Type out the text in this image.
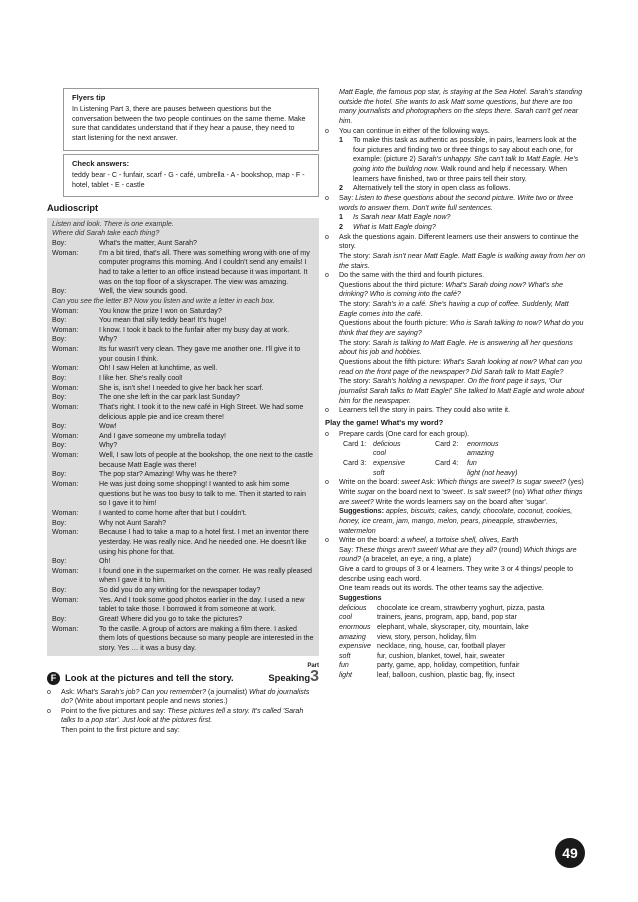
Flyers tip
In Listening Part 3, there are pauses between questions but the conversation between the two people continues on the same theme. Make sure that candidates understand that if they hear a pause, they need to start listening for the next answer.
Check answers:
teddy bear - C - funfair, scarf - G - café, umbrella - A - bookshop, map - F - hotel, tablet - E - castle
Audioscript
Listen and look. There is one example.
Where did Sarah take each thing?
Boy:	What's the matter, Aunt Sarah?
Woman:	I'm a bit tired, that's all. There was something wrong with one of my computer programs this morning. And I couldn't send any emails! I had to take a letter to an office instead because it was important. It was on the top floor of a skyscraper. The view was amazing.
Boy:	Well, the view sounds good.
Can you see the letter B? Now you listen and write a letter in each box.
Woman:	You know the prize I won on Saturday?
Boy:	You mean that silly teddy bear! It's huge!
Woman:	I know. I took it back to the funfair after my busy day at work.
Boy:	Why?
Woman:	Its fur wasn't very clean. They gave me another one. I'll give it to your cousin I think.
Woman:	Oh! I saw Helen at lunchtime, as well.
Boy:	I like her. She's really cool!
Woman:	She is, isn't she! I needed to give her back her scarf.
Boy:	The one she left in the car park last Sunday?
Woman:	That's right. I took it to the new café in High Street. We had some delicious apple pie and ice cream there!
Boy:	Wow!
Woman:	And I gave someone my umbrella today!
Boy:	Why?
Woman:	Well, I saw lots of people at the bookshop, the one next to the castle because Matt Eagle was there!
Boy:	The pop star? Amazing! Why was he there?
Woman:	He was just doing some shopping! I wanted to ask him some questions but he was too busy to talk to me. Then it started to rain so I gave it to him!
Woman:	I wanted to come home after that but I couldn't.
Boy:	Why not Aunt Sarah?
Woman:	Because I had to take a map to a hotel first. I met an inventor there yesterday. He was really nice. And he needed one. He doesn't like using his phone for that.
Boy:	Oh!
Woman:	I found one in the supermarket on the corner. He was really pleased when I gave it to him.
Boy:	So did you do any writing for the newspaper today?
Woman:	Yes. And I took some good photos earlier in the day. I used a new tablet to take those. I borrowed it from someone at work.
Boy:	Great! Where did you go to take the pictures?
Woman:	To the castle. A group of actors are making a film there. I asked them lots of questions because so many people are interested in the story. Yes … it was a busy day.
F Look at the pictures and tell the story.
Part
Speaking3
o	Ask: What's Sarah's job? Can you remember? (a journalist) What do journalists do? (Write about important people and news stories.)
o	Point to the five pictures and say: These pictures tell a story. It's called 'Sarah talks to a pop star'. Just look at the pictures first.
Then point to the first picture and say:
Matt Eagle, the famous pop star, is staying at the Sea Hotel. Sarah's standing outside the hotel. She wants to ask Matt some questions, but there are too many journalists and photographers on the steps there. Sarah can't get near him.
o	You can continue in either of the following ways.
1	To make this task as authentic as possible, in pairs, learners look at the four pictures and finding two or three things to say about each one, for example: (picture 2) Sarah's unhappy. She can't talk to Matt Eagle. He's going into the building now. Walk round and help if necessary. When learners have finished, two or three pairs tell their story.
2	Alternatively tell the story in open class as follows.
o	Say: Listen to these questions about the second picture. Write two or three words to answer them. Don't write full sentences.
1	Is Sarah near Matt Eagle now?
2	What is Matt Eagle doing?
o	Ask the questions again. Different learners use their answers to continue the story.
The story: Sarah isn't near Matt Eagle. Matt Eagle is walking away from her on the stairs.
o	Do the same with the third and fourth pictures.
Questions about the third picture: What's Sarah doing now? What's she drinking? Who is coming into the café?
The story: Sarah's in a café. She's having a cup of coffee. Suddenly, Matt Eagle comes into the café.
Questions about the fourth picture: Who is Sarah talking to now? What do you think that they are saying?
The story: Sarah is talking to Matt Eagle. He is answering all her questions about his job and hobbies.
Questions about the fifth picture: What's Sarah looking at now? What can you read on the front page of the newspaper? Did Sarah talk to Matt Eagle?
The story: Sarah's holding a newspaper. On the front page it says, 'Our journalist Sarah talks to Matt Eagle!' She talked to Matt Eagle and wrote about him for the newspaper.
o	Learners tell the story in pairs. They could also write it.
Play the game! What's my word?
o	Prepare cards (One card for each group).
Card 1: delicious	Card 2:	enormous
cool	amazing
Card 3: expensive	Card 4:	fun
soft	light (not heavy)
o	Write on the board: sweet Ask: Which things are sweet? Is sugar sweet? (yes) Write sugar on the board next to 'sweet'. Is salt sweet? (no) What other things are sweet? Write the words learners say on the board after 'sugar'.
Suggestions: apples, biscuits, cakes, candy, chocolate, coconut, cookies, honey, ice cream, jam, mango, melon, pears, pineapple, strawberries, watermelon
o	Write on the board: a wheel, a tortoise shell, olives, Earth
Say: These things aren't sweet! What are they all? (round) Which things are round? (a bracelet, an eye, a ring, a plate)
Give a card to groups of 3 or 4 learners. They write 3 or 4 things/ people to describe using each word.
One team reads out its words. The other teams say the adjective.
Suggestions
delicious	chocolate ice cream, strawberry yoghurt, pizza, pasta
cool	trainers, jeans, program, app, band, pop star
enormous elephant, whale, skyscraper, city, mountain, lake
amazing	view, story, person, holiday, film
expensive necklace, ring, house, car, football player
soft	fur, cushion, blanket, towel, hair, sweater
fun	party, game, app, holiday, competition, funfair
light	leaf, balloon, cushion, plastic bag, fly, insect
49
